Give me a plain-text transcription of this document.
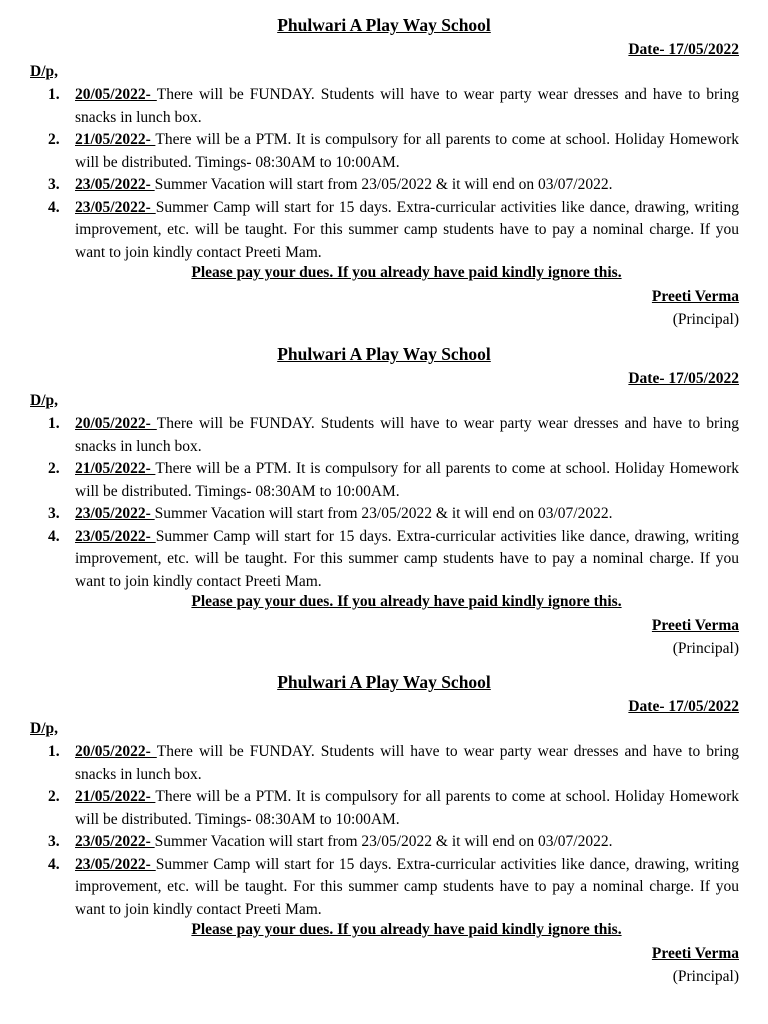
Phulwari A Play Way School
Date- 17/05/2022
D/p,
1. 20/05/2022- There will be FUNDAY. Students will have to wear party wear dresses and have to bring snacks in lunch box.
2. 21/05/2022- There will be a PTM. It is compulsory for all parents to come at school. Holiday Homework will be distributed. Timings- 08:30AM to 10:00AM.
3. 23/05/2022- Summer Vacation will start from 23/05/2022 & it will end on 03/07/2022.
4. 23/05/2022- Summer Camp will start for 15 days. Extra-curricular activities like dance, drawing, writing improvement, etc. will be taught. For this summer camp students have to pay a nominal charge. If you want to join kindly contact Preeti Mam.
Please pay your dues. If you already have paid kindly ignore this.
Preeti Verma
(Principal)
Phulwari A Play Way School
Date- 17/05/2022
D/p,
1. 20/05/2022- There will be FUNDAY. Students will have to wear party wear dresses and have to bring snacks in lunch box.
2. 21/05/2022- There will be a PTM. It is compulsory for all parents to come at school. Holiday Homework will be distributed. Timings- 08:30AM to 10:00AM.
3. 23/05/2022- Summer Vacation will start from 23/05/2022 & it will end on 03/07/2022.
4. 23/05/2022- Summer Camp will start for 15 days. Extra-curricular activities like dance, drawing, writing improvement, etc. will be taught. For this summer camp students have to pay a nominal charge. If you want to join kindly contact Preeti Mam.
Please pay your dues. If you already have paid kindly ignore this.
Preeti Verma
(Principal)
Phulwari A Play Way School
Date- 17/05/2022
D/p,
1. 20/05/2022- There will be FUNDAY. Students will have to wear party wear dresses and have to bring snacks in lunch box.
2. 21/05/2022- There will be a PTM. It is compulsory for all parents to come at school. Holiday Homework will be distributed. Timings- 08:30AM to 10:00AM.
3. 23/05/2022- Summer Vacation will start from 23/05/2022 & it will end on 03/07/2022.
4. 23/05/2022- Summer Camp will start for 15 days. Extra-curricular activities like dance, drawing, writing improvement, etc. will be taught. For this summer camp students have to pay a nominal charge. If you want to join kindly contact Preeti Mam.
Please pay your dues. If you already have paid kindly ignore this.
Preeti Verma
(Principal)
